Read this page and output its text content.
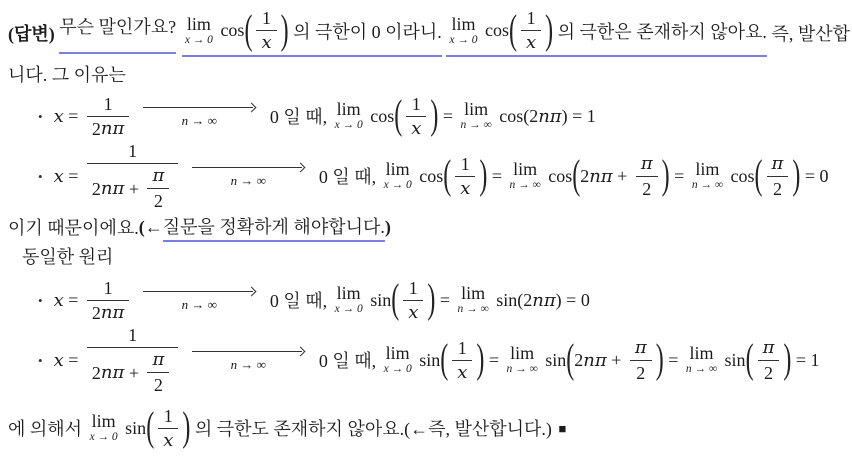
(답변) 무슨 말인가요? lim
x → 0 cos ( $\frac{1}{x}$ ) 의 극한이 0 이라니. lim
x → 0 cos ( $\frac{1}{x}$ ) 의 극한은 존재하지 않아요. 즉, 발산합
니다. 그 이유는
• $x = \frac{1}{2 n\pi}$	n → ∞	0 일 때, lim
x → 0 cos ( $\frac{1}{x}$ ) = lim
n → ∞ cos(2 nπ ) = 1
• $x = \frac{1}{2 n\pi + \frac{\pi}{2}}$	n → ∞	0 일 때, lim
x → 0 cos ( $\frac{1}{x}$ ) = lim
n → ∞ cos ( 2 $n\pi + \frac{\pi}{2}$ ) = lim
n → ∞ cos ( $\frac{\pi}{2}$ ) = 0
이기 때문이에요. ( ← 질문을 정확하게 해야합니다. )
동일한 원리
• $x = \frac{1}{2 n\pi}$	n → ∞	0 일 때, lim
x → 0 sin ( $\frac{1}{x}$ ) = lim
n → ∞ sin(2 nπ ) = 0
• $x = \frac{1}{2 n\pi + \frac{\pi}{2}}$	n → ∞	0 일 때, lim
x → 0 sin ( $\frac{1}{x}$ ) = lim
n → ∞ sin ( 2 $n\pi + \frac{\pi}{2}$ ) = lim
n → ∞ sin ( $\frac{\pi}{2}$ ) = 1
에 의해서 lim
x → 0 sin ( $\frac{1}{x}$ ) 의 극한도 존재하지 않아요.(←즉, 발산합니다.) ■
